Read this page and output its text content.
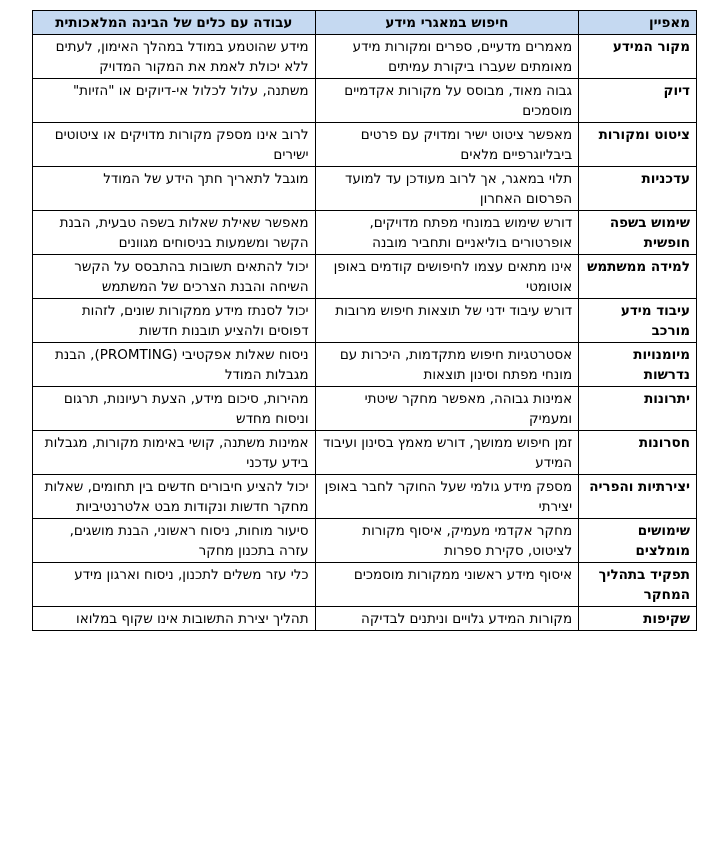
מאפיין	חיפוש במאגרי מידע	עבודה עם כלים של הבינה המלאכותית
מקור המידע	מאמרים מדעיים, ספרים ומקורות מידע מאומתים שעברו ביקורת עמיתים	מידע שהוטמע במודל במהלך האימון, לעתים ללא יכולת לאמת את המקור המדויק
דיוק	גבוה מאוד, מבוסס על מקורות אקדמיים מוסמכים	משתנה, עלול לכלול אי-דיוקים או "הזיות"
ציטוט ומקורות	מאפשר ציטוט ישיר ומדויק עם פרטים ביבליוגרפיים מלאים	לרוב אינו מספק מקורות מדויקים או ציטוטים ישירים
עדכניות	תלוי במאגר, אך לרוב מעודכן עד למועד הפרסום האחרון	מוגבל לתאריך חתך הידע של המודל
שימוש בשפה חופשית	דורש שימוש במונחי מפתח מדויקים, אופרטורים בוליאניים ותחביר מובנה	מאפשר שאילת שאלות בשפה טבעית, הבנת הקשר ומשמעות בניסוחים מגוונים
למידה ממשתמש	אינו מתאים עצמו לחיפושים קודמים באופן אוטומטי	יכול להתאים תשובות בהתבסס על הקשר השיחה והבנת הצרכים של המשתמש
עיבוד מידע מורכב	דורש עיבוד ידני של תוצאות חיפוש מרובות	יכול לסנתז מידע ממקורות שונים, לזהות דפוסים ולהציע תובנות חדשות
מיומנויות נדרשות	אסטרטגיות חיפוש מתקדמות, היכרות עם מונחי מפתח וסינון תוצאות	ניסוח שאלות אפקטיבי (PROMTING), הבנת מגבלות המודל
יתרונות	אמינות גבוהה, מאפשר מחקר שיטתי ומעמיק	מהירות, סיכום מידע, הצעת רעיונות, תרגום וניסוח מחדש
חסרונות	זמן חיפוש ממושך, דורש מאמץ בסינון ועיבוד המידע	אמינות משתנה, קושי באימות מקורות, מגבלות בידע עדכני
יצירתיות והפריה	מספק מידע גולמי שעל החוקר לחבר באופן יצירתי	יכול להציע חיבורים חדשים בין תחומים, שאלות מחקר חדשות ונקודות מבט אלטרנטיביות
שימושים מומלצים	מחקר אקדמי מעמיק, איסוף מקורות לציטוט, סקירת ספרות	סיעור מוחות, ניסוח ראשוני, הבנת מושגים, עזרה בתכנון מחקר
תפקיד בתהליך המחקר	איסוף מידע ראשוני ממקורות מוסמכים	כלי עזר משלים לתכנון, ניסוח וארגון מידע
שקיפות	מקורות המידע גלויים וניתנים לבדיקה	תהליך יצירת התשובות אינו שקוף במלואו
